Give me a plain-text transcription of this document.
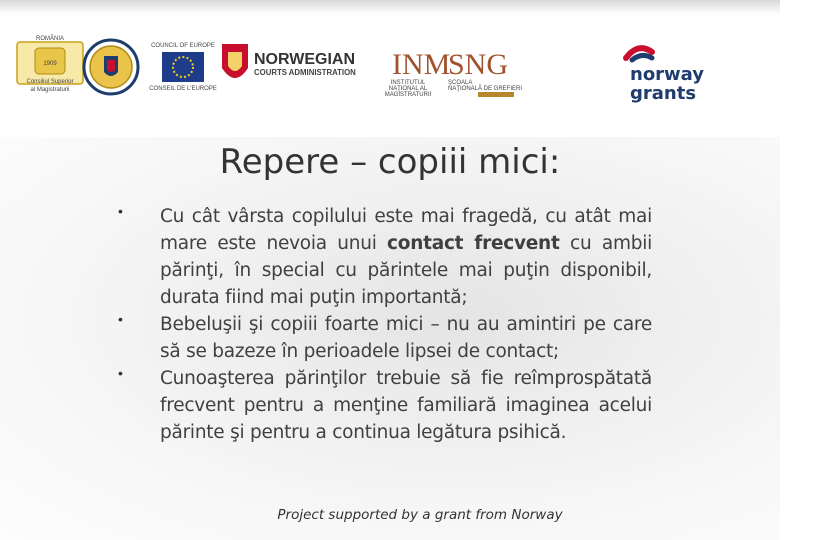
ROMÂNIA
1909
Consiliul Superior
al Magistraturii
COUNCIL OF EUROPE
CONSEIL DE L'EUROPE
NORWEGIAN
COURTS ADMINISTRATION INM
INSTITUTUL
NAŢIONAL AL
MAGISTRATURII
SNG
ŞCOALA
NAŢIONALĂ DE GREFIERI
norway
grants
Repere – copiii mici:
• Cu cât vârsta copilului este mai fragedă, cu atât mai mare este nevoia unui contact frecvent cu ambii părinţi, în special cu părintele mai puţin disponibil, durata fiind mai puţin importantă;
• Bebeluşii şi copiii foarte mici – nu au amintiri pe care să se bazeze în perioadele lipsei de contact;
• Cunoaşterea părinţilor trebuie să fie reîmprospătată frecvent pentru a menţine familiară imaginea acelui părinte şi pentru a continua legătura psihică.
Project supported by a grant from Norway
